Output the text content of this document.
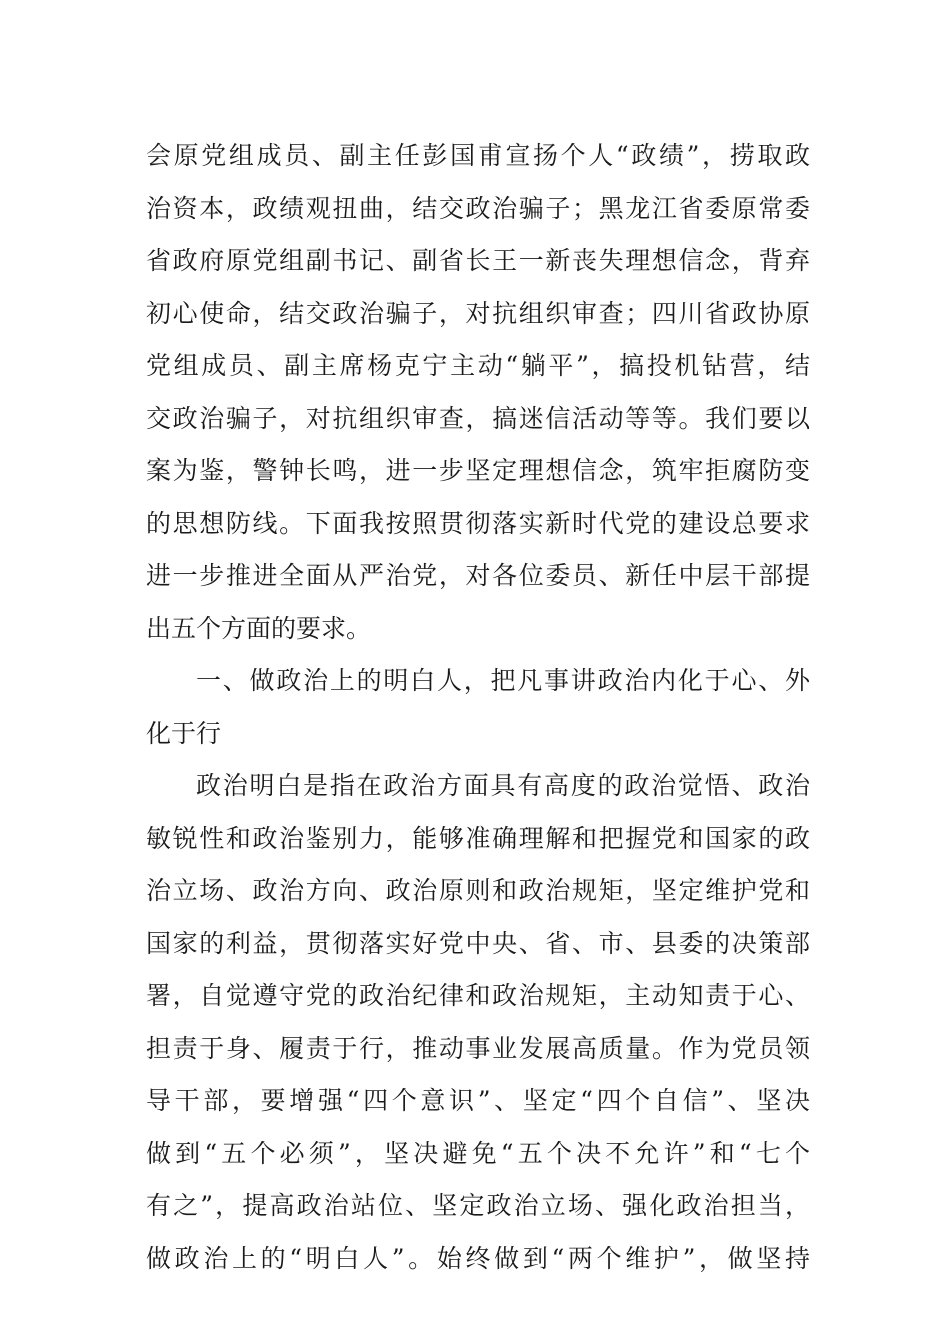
会原党组成员、副主任彭国甫宣扬个人“政绩”，捞取政
治资本，政绩观扭曲，结交政治骗子；黑龙江省委原常委
省政府原党组副书记、副省长王一新丧失理想信念，背弃
初心使命，结交政治骗子，对抗组织审查；四川省政协原
党组成员、副主席杨克宁主动“躺平”，搞投机钻营，结
交政治骗子，对抗组织审查，搞迷信活动等等。我们要以
案为鉴，警钟长鸣，进一步坚定理想信念，筑牢拒腐防变
的思想防线。下面我按照贯彻落实新时代党的建设总要求
进一步推进全面从严治党，对各位委员、新任中层干部提
出五个方面的要求。
一、做政治上的明白人，把凡事讲政治内化于心、外
化于行
政治明白是指在政治方面具有高度的政治觉悟、政治
敏锐性和政治鉴别力，能够准确理解和把握党和国家的政
治立场、政治方向、政治原则和政治规矩，坚定维护党和
国家的利益，贯彻落实好党中央、省、市、县委的决策部
署，自觉遵守党的政治纪律和政治规矩，主动知责于心、
担责于身、履责于行，推动事业发展高质量。作为党员领
导干部，要增强“四个意识”、坚定“四个自信”、坚决
做到“五个必须”，坚决避免“五个决不允许”和“七个
有之”，提高政治站位、坚定政治立场、强化政治担当，
做政治上的“明白人”。始终做到“两个维护”，做坚持
